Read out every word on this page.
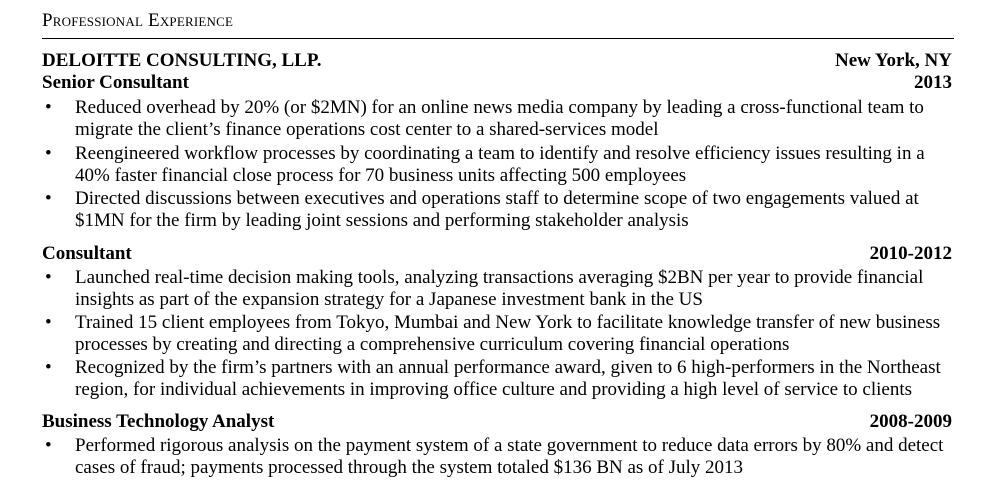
Professional Experience
DELOITTE CONSULTING, LLP.	New York, NY
Senior Consultant	2013
• Reduced overhead by 20% (or $2MN) for an online news media company by leading a cross-functional team to
migrate the client’s finance operations cost center to a shared-services model
• Reengineered workflow processes by coordinating a team to identify and resolve efficiency issues resulting in a
40% faster financial close process for 70 business units affecting 500 employees
• Directed discussions between executives and operations staff to determine scope of two engagements valued at
$1MN for the firm by leading joint sessions and performing stakeholder analysis
Consultant	2010-2012
• Launched real-time decision making tools, analyzing transactions averaging $2BN per year to provide financial
insights as part of the expansion strategy for a Japanese investment bank in the US
• Trained 15 client employees from Tokyo, Mumbai and New York to facilitate knowledge transfer of new business
processes by creating and directing a comprehensive curriculum covering financial operations
• Recognized by the firm’s partners with an annual performance award, given to 6 high-performers in the Northeast
region, for individual achievements in improving office culture and providing a high level of service to clients
Business Technology Analyst	2008-2009
• Performed rigorous analysis on the payment system of a state government to reduce data errors by 80% and detect
cases of fraud; payments processed through the system totaled $136 BN as of July 2013
